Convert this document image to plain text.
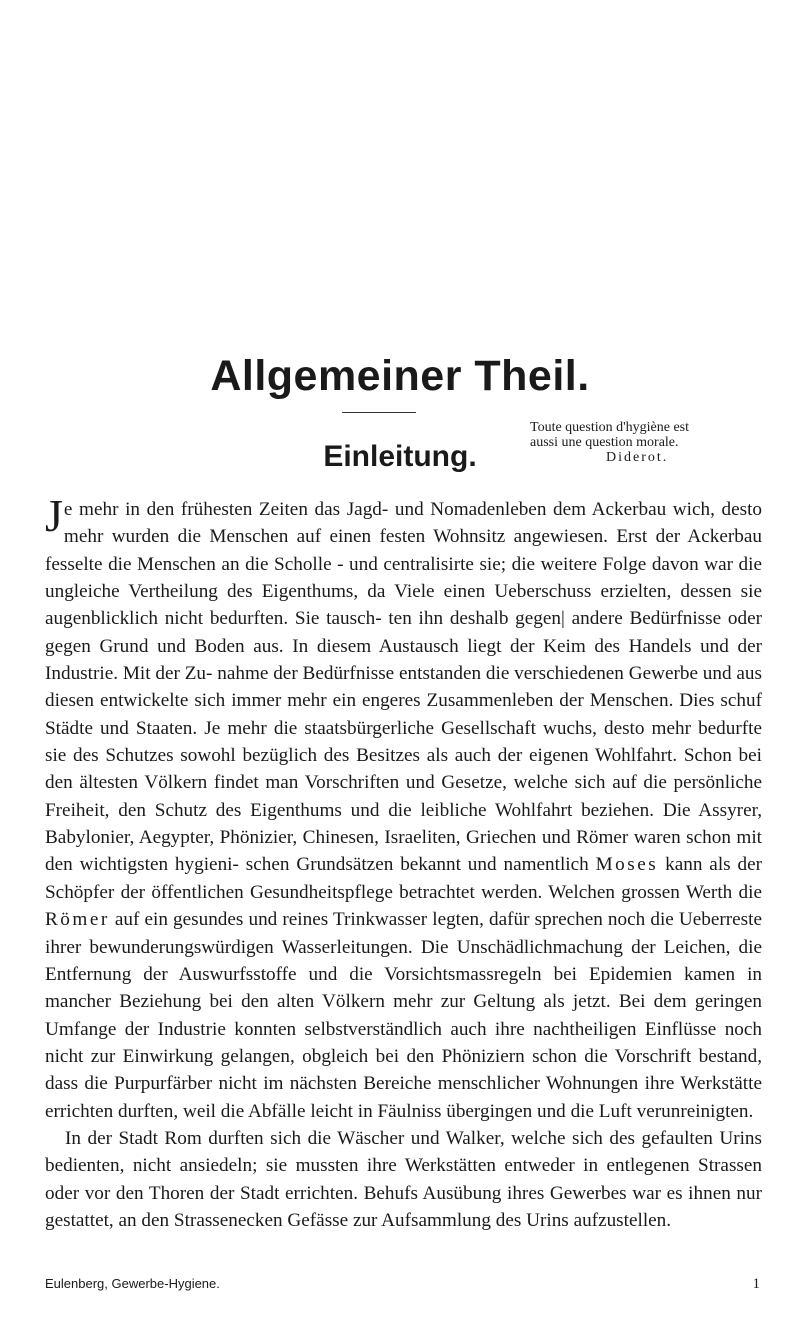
Allgemeiner Theil.
Toute question d'hygiène est
aussi une question morale.
Diderot.
Einleitung.

Je mehr in den frühesten Zeiten das Jagd- und Nomadenleben dem Ackerbau wich, desto mehr wurden die Menschen auf einen festen Wohnsitz angewiesen. Erst der Ackerbau fesselte die Menschen an die Scholle - und centralisirte sie; die weitere Folge davon war die ungleiche Vertheilung des Eigenthums, da Viele einen Ueberschuss erzielten, dessen sie augenblicklich nicht bedurften. Sie tausch- ten ihn deshalb gegen| andere Bedürfnisse oder gegen Grund und Boden aus. In diesem Austausch liegt der Keim des Handels und der Industrie. Mit der Zu- nahme der Bedürfnisse entstanden die verschiedenen Gewerbe und aus diesen entwickelte sich immer mehr ein engeres Zusammenleben der Menschen. Dies schuf Städte und Staaten. Je mehr die staatsbürgerliche Gesellschaft wuchs, desto mehr bedurfte sie des Schutzes sowohl bezüglich des Besitzes als auch der eigenen Wohlfahrt. Schon bei den ältesten Völkern findet man Vorschriften und Gesetze, welche sich auf die persönliche Freiheit, den Schutz des Eigenthums und die leibliche Wohlfahrt beziehen. Die Assyrer, Babylonier, Aegypter, Phönizier, Chinesen, Israeliten, Griechen und Römer waren schon mit den wichtigsten hygieni- schen Grundsätzen bekannt und namentlich Moses kann als der Schöpfer der öffentlichen Gesundheitspflege betrachtet werden. Welchen grossen Werth die Römer auf ein gesundes und reines Trinkwasser legten, dafür sprechen noch die Ueberreste ihrer bewunderungswürdigen Wasserleitungen. Die Unschädlichmachung der Leichen, die Entfernung der Auswurfsstoffe und die Vorsichtsmassregeln bei Epidemien kamen in mancher Beziehung bei den alten Völkern mehr zur Geltung als jetzt. Bei dem geringen Umfange der Industrie konnten selbstverständlich auch ihre nachtheiligen Einflüsse noch nicht zur Einwirkung gelangen, obgleich bei den Phöniziern schon die Vorschrift bestand, dass die Purpurfärber nicht im nächsten Bereiche menschlicher Wohnungen ihre Werkstätte errichten durften, weil die Abfälle leicht in Fäulniss übergingen und die Luft verunreinigten.

In der Stadt Rom durften sich die Wäscher und Walker, welche sich des gefaulten Urins bedienten, nicht ansiedeln; sie mussten ihre Werkstätten entweder in entlegenen Strassen oder vor den Thoren der Stadt errichten. Behufs Ausübung ihres Gewerbes war es ihnen nur gestattet, an den Strassenecken Gefässe zur Aufsammlung des Urins aufzustellen.

Eulenberg, Gewerbe-Hygiene.	1
